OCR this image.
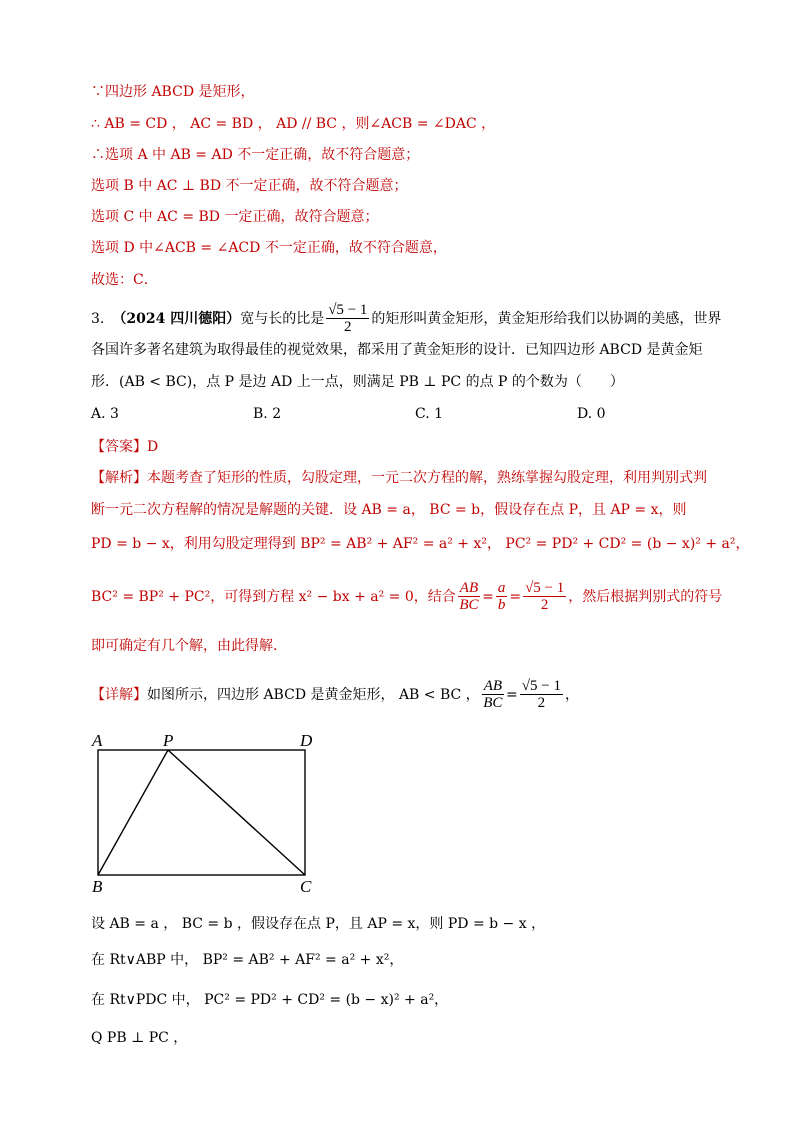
∵四边形 ABCD 是矩形，
∴ AB = CD ， AC = BD ， AD // BC ，则∠ACB = ∠DAC ，
∴选项 A 中 AB = AD 不一定正确，故不符合题意；
选项 B 中 AC ⊥ BD 不一定正确，故不符合题意；
选项 C 中 AC = BD 一定正确，故符合题意；
选项 D 中∠ACB = ∠ACD 不一定正确，故不符合题意，
故选：C．
3. （2024 四川德阳） 宽与长的比是 $\frac{√5 - 1}{2}$ 的矩形叫黄金矩形，黄金矩形给我们以协调的美感，世界
各国许多著名建筑为取得最佳的视觉效果，都采用了黄金矩形的设计．已知四边形 ABCD 是黄金矩
形．(AB < BC)，点 P 是边 AD 上一点，则满足 PB ⊥ PC 的点 P 的个数为（　　）
A. 3	B. 2	C. 1	D. 0
【答案】D
【解析】本题考查了矩形的性质，勾股定理，一元二次方程的解，熟练掌握勾股定理，利用判别式判
断一元二次方程解的情况是解题的关键．设 AB = a， BC = b，假设存在点 P，且 AP = x，则
PD = b − x，利用勾股定理得到 BP² = AB² + AF² = a² + x²， PC² = PD² + CD² = (b − x)² + a²，
BC² = BP² + PC²，可得到方程 x² − bx + a² = 0，结合 $\frac{AB}{BC} = \frac{a}{b} = \frac{√5 - 1}{2}$ ，然后根据判别式的符号
即可确定有几个解，由此得解．
【详解】 如图所示，四边形 ABCD 是黄金矩形， AB < BC ， $\frac{AB}{BC} = \frac{√5 - 1}{2}$ ，
A	P	D
B	C
设 AB = a ， BC = b ，假设存在点 P，且 AP = x，则 PD = b − x ，
在 Rt∨ABP 中， BP² = AB² + AF² = a² + x²，
在 Rt∨PDC 中， PC² = PD² + CD² = (b − x)² + a²，
Q PB ⊥ PC ，
